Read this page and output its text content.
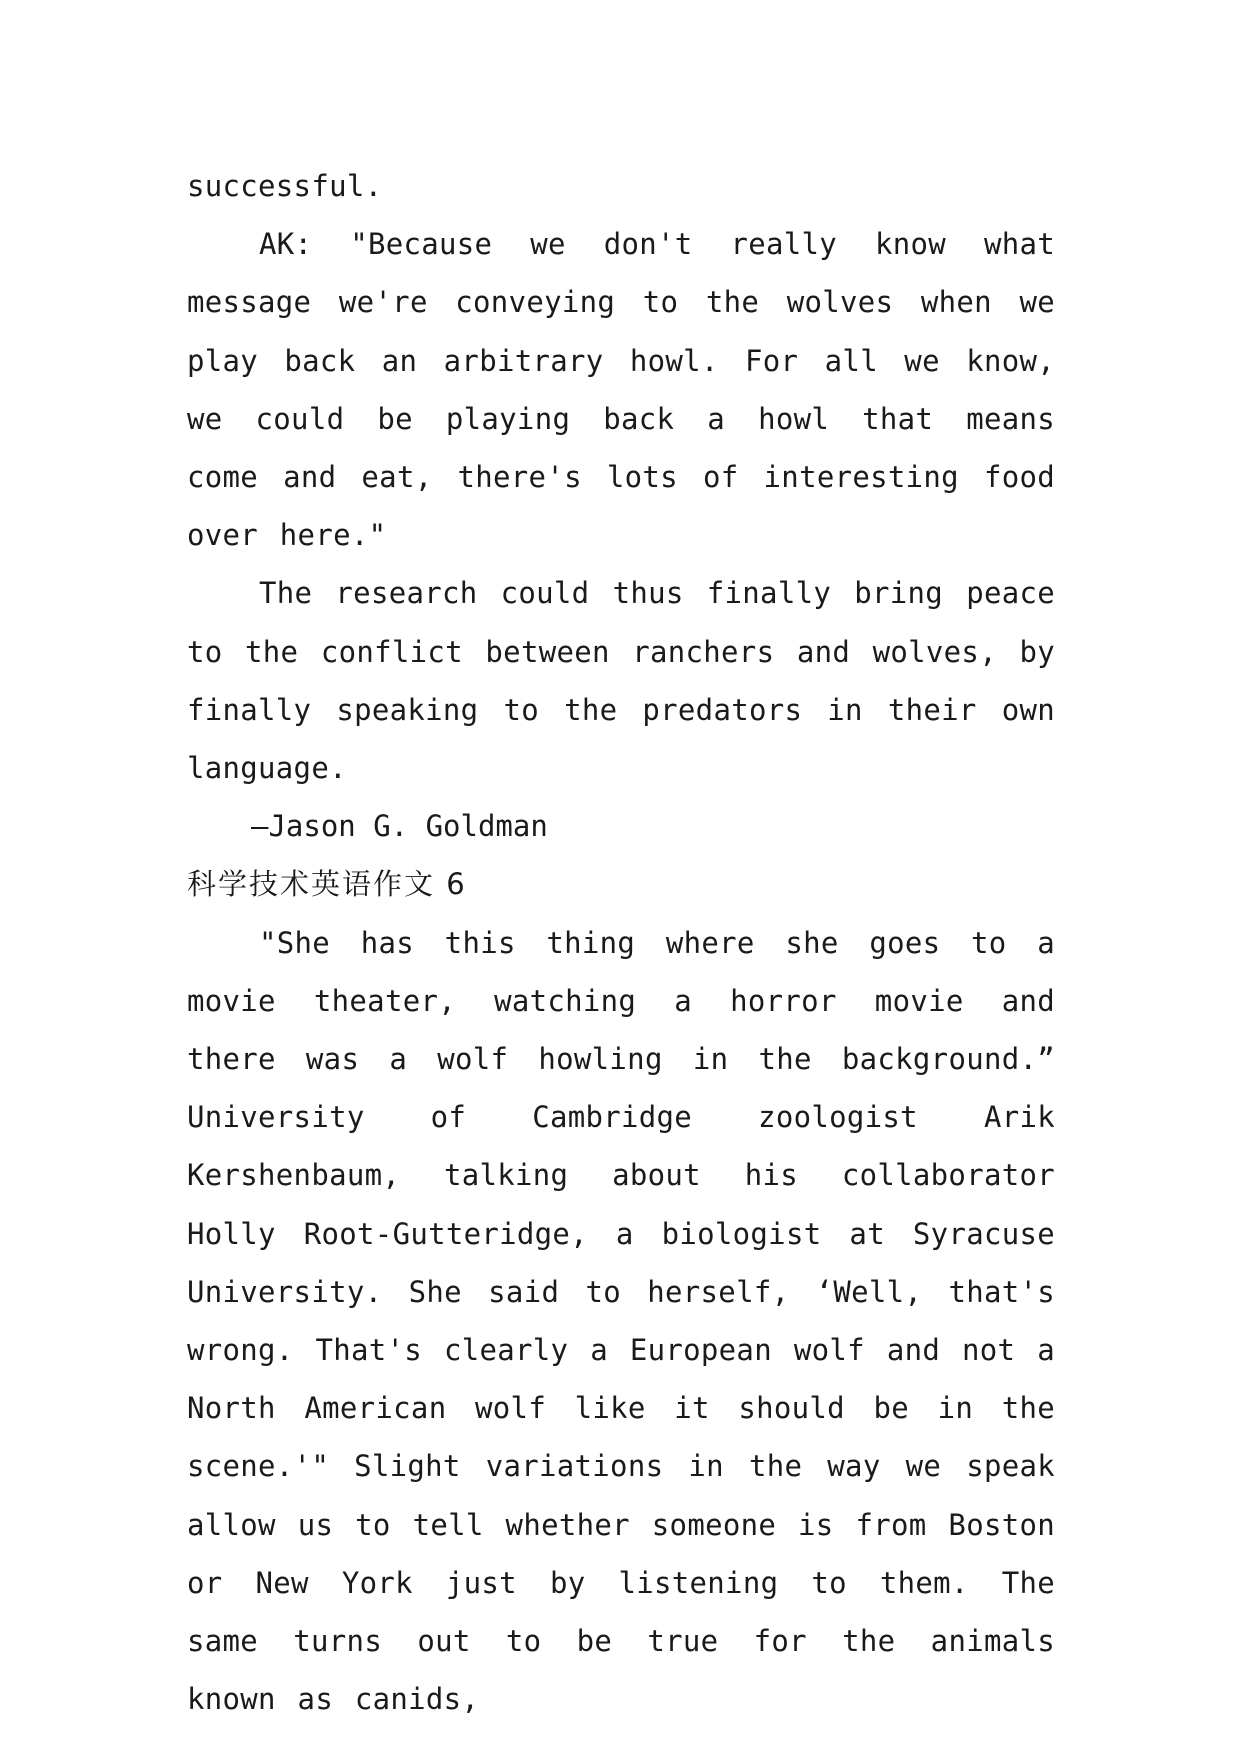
successful.

AK: "Because we don't really know what message we're conveying to the wolves when we play back an arbitrary howl. For all we know, we could be playing back a howl that means come and eat, there's lots of interesting food over here."

The research could thus finally bring peace to the conflict between ranchers and wolves, by finally speaking to the predators in their own language.

—Jason G. Goldman

科学技术英语作文 6

"She has this thing where she goes to a movie theater, watching a horror movie and there was a wolf howling in the background.” University of Cambridge zoologist Arik Kershenbaum, talking about his collaborator Holly Root-Gutteridge, a biologist at Syracuse University. She said to herself, ‘Well, that's wrong. That's clearly a European wolf and not a North American wolf like it should be in the scene.'" Slight variations in the way we speak allow us to tell whether someone is from Boston or New York just by listening to them. The same turns out to be true for the animals known as canids,
